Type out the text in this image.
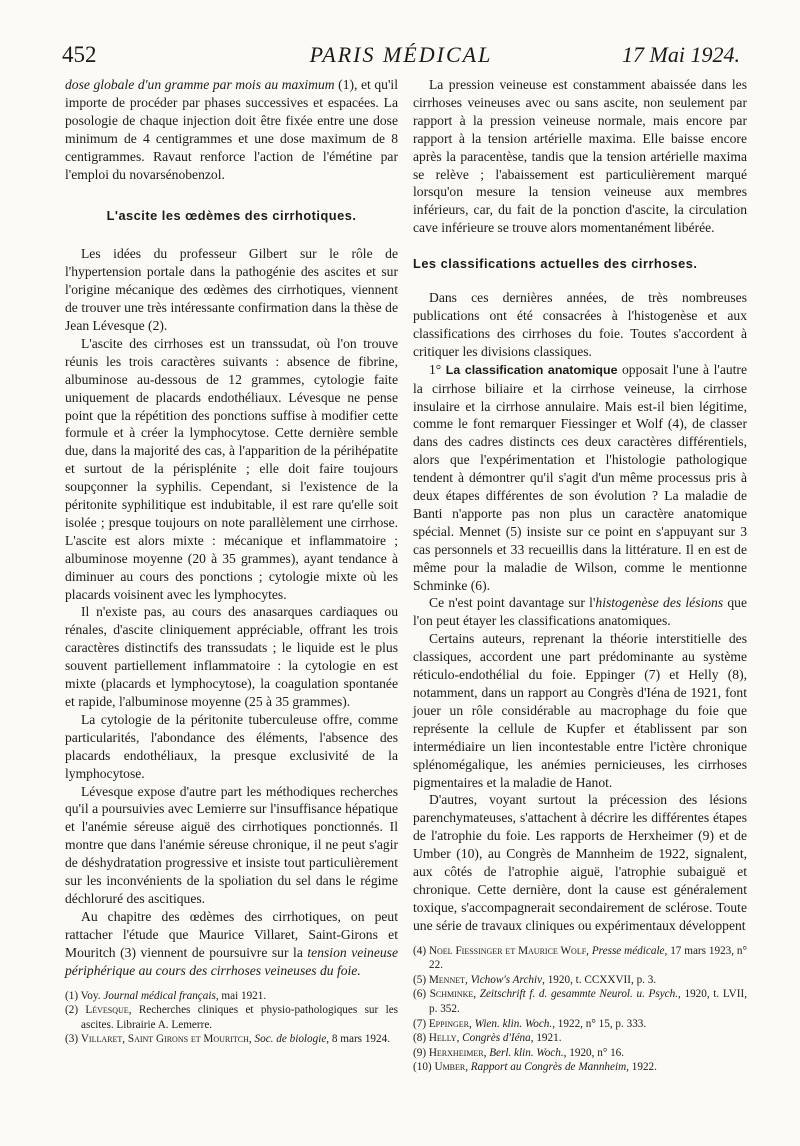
452	PARIS MÉDICAL	17 Mai 1924.

dose globale d'un gramme par mois au maximum (1), et qu'il importe de procéder par phases successives et espacées. La posologie de chaque injection doit être fixée entre une dose minimum de 4 centigrammes et une dose maximum de 8 centigrammes. Ravaut renforce l'action de l'émétine par l'emploi du novarsénobenzol.

L'ascite les œdèmes des cirrhotiques.

Les idées du professeur Gilbert sur le rôle de l'hypertension portale dans la pathogénie des ascites et sur l'origine mécanique des œdèmes des cirrhotiques, viennent de trouver une très intéressante confirmation dans la thèse de Jean Lévesque (2).

L'ascite des cirrhoses est un transsudat, où l'on trouve réunis les trois caractères suivants : absence de fibrine, albuminose au-dessous de 12 grammes, cytologie faite uniquement de placards endothéliaux. Lévesque ne pense point que la répétition des ponctions suffise à modifier cette formule et à créer la lymphocytose. Cette dernière semble due, dans la majorité des cas, à l'apparition de la périhépatite et surtout de la périsplénite ; elle doit faire toujours soupçonner la syphilis. Cependant, si l'existence de la péritonite syphilitique est indubitable, il est rare qu'elle soit isolée ; presque toujours on note parallèlement une cirrhose. L'ascite est alors mixte : mécanique et inflammatoire ; albuminose moyenne (20 à 35 grammes), ayant tendance à diminuer au cours des ponctions ; cytologie mixte où les placards voisinent avec les lymphocytes.

Il n'existe pas, au cours des anasarques cardiaques ou rénales, d'ascite cliniquement appréciable, offrant les trois caractères distinctifs des transsudats ; le liquide est le plus souvent partiellement inflammatoire : la cytologie en est mixte (placards et lymphocytose), la coagulation spontanée et rapide, l'albuminose moyenne (25 à 35 grammes).

La cytologie de la péritonite tuberculeuse offre, comme particularités, l'abondance des éléments, l'absence des placards endothéliaux, la presque exclusivité de la lymphocytose.

Lévesque expose d'autre part les méthodiques recherches qu'il a poursuivies avec Lemierre sur l'insuffisance hépatique et l'anémie séreuse aiguë des cirrhotiques ponctionnés. Il montre que dans l'anémie séreuse chronique, il ne peut s'agir de déshydratation progressive et insiste tout particulièrement sur les inconvénients de la spoliation du sel dans le régime déchloruré des ascitiques.

Au chapitre des œdèmes des cirrhotiques, on peut rattacher l'étude que Maurice Villaret, Saint-Girons et Mouritch (3) viennent de poursuivre sur la tension veineuse périphérique au cours des cirrhoses veineuses du foie.

(1) Voy. Journal médical français, mai 1921.
(2) Lévesque, Recherches cliniques et physio-pathologiques sur les ascites. Librairie A. Lemerre.
(3) Villaret, Saint Girons et Mouritch, Soc. de biologie, 8 mars 1924.

La pression veineuse est constamment abaissée dans les cirrhoses veineuses avec ou sans ascite, non seulement par rapport à la pression veineuse normale, mais encore par rapport à la tension artérielle maxima. Elle baisse encore après la paracentèse, tandis que la tension artérielle maxima se relève ; l'abaissement est particulièrement marqué lorsqu'on mesure la tension veineuse aux membres inférieurs, car, du fait de la ponction d'ascite, la circulation cave inférieure se trouve alors momentanément libérée.

Les classifications actuelles des cirrhoses.

Dans ces dernières années, de très nombreuses publications ont été consacrées à l'histogenèse et aux classifications des cirrhoses du foie. Toutes s'accordent à critiquer les divisions classiques.

1° La classification anatomique opposait l'une à l'autre la cirrhose biliaire et la cirrhose veineuse, la cirrhose insulaire et la cirrhose annulaire. Mais est-il bien légitime, comme le font remarquer Fiessinger et Wolf (4), de classer dans des cadres distincts ces deux caractères différentiels, alors que l'expérimentation et l'histologie pathologique tendent à démontrer qu'il s'agit d'un même processus pris à deux étapes différentes de son évolution ? La maladie de Banti n'apporte pas non plus un caractère anatomique spécial. Mennet (5) insiste sur ce point en s'appuyant sur 3 cas personnels et 33 recueillis dans la littérature. Il en est de même pour la maladie de Wilson, comme le mentionne Schminke (6).

Ce n'est point davantage sur l'histogenèse des lésions que l'on peut étayer les classifications anatomiques.

Certains auteurs, reprenant la théorie interstitielle des classiques, accordent une part prédominante au système réticulo-endothélial du foie. Eppinger (7) et Helly (8), notamment, dans un rapport au Congrès d'Iéna de 1921, font jouer un rôle considérable au macrophage du foie que représente la cellule de Kupfer et établissent par son intermédiaire un lien incontestable entre l'ictère chronique splénomégalique, les anémies pernicieuses, les cirrhoses pigmentaires et la maladie de Hanot.

D'autres, voyant surtout la précession des lésions parenchymateuses, s'attachent à décrire les différentes étapes de l'atrophie du foie. Les rapports de Herxheimer (9) et de Umber (10), au Congrès de Mannheim de 1922, signalent, aux côtés de l'atrophie aiguë, l'atrophie subaiguë et chronique. Cette dernière, dont la cause est généralement toxique, s'accompagnerait secondairement de sclérose. Toute une série de travaux cliniques ou expérimentaux développent

(4) Noel Fiessinger et Maurice Wolf, Presse médicale, 17 mars 1923, n° 22.
(5) Mennet, Vichow's Archiv, 1920, t. CCXXVII, p. 3.
(6) Schminke, Zeitschrift f. d. gesammte Neurol. u. Psych., 1920, t. LVII, p. 352.
(7) Eppinger, Wien. klin. Woch., 1922, n° 15, p. 333.
(8) Helly, Congrès d'Iéna, 1921.
(9) Herxheimer, Berl. klin. Woch., 1920, n° 16.
(10) Umber, Rapport au Congrès de Mannheim, 1922.
